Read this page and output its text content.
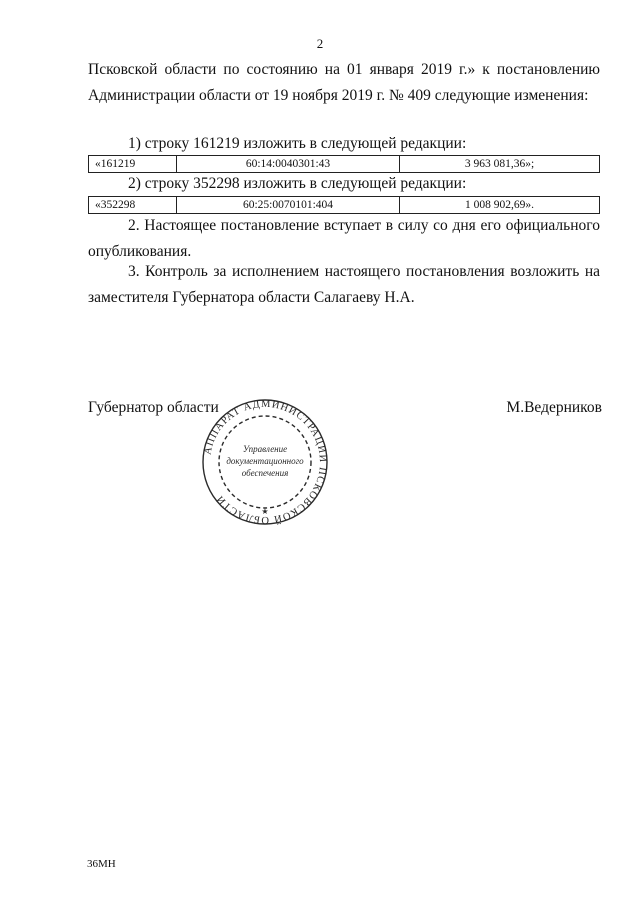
2
Псковской области по состоянию на 01 января 2019 г.» к постановлению Администрации области от 19 ноября 2019 г. № 409 следующие изменения:
1) строку 161219 изложить в следующей редакции:
«161219	60:14:0040301:43	3 963 081,36»;
2) строку 352298 изложить в следующей редакции:
«352298	60:25:0070101:404	1 008 902,69».
2. Настоящее постановление вступает в силу со дня его официального опубликования.
3. Контроль за исполнением настоящего постановления возложить на заместителя Губернатора области Салагаеву Н.А.
Губернатор области	М.Ведерников
АППАРАТ АДМИНИСТРАЦИИ ПСКОВСКОЙ ОБЛАСТИ
Управление
документационного
обеспечения
★
36МН
